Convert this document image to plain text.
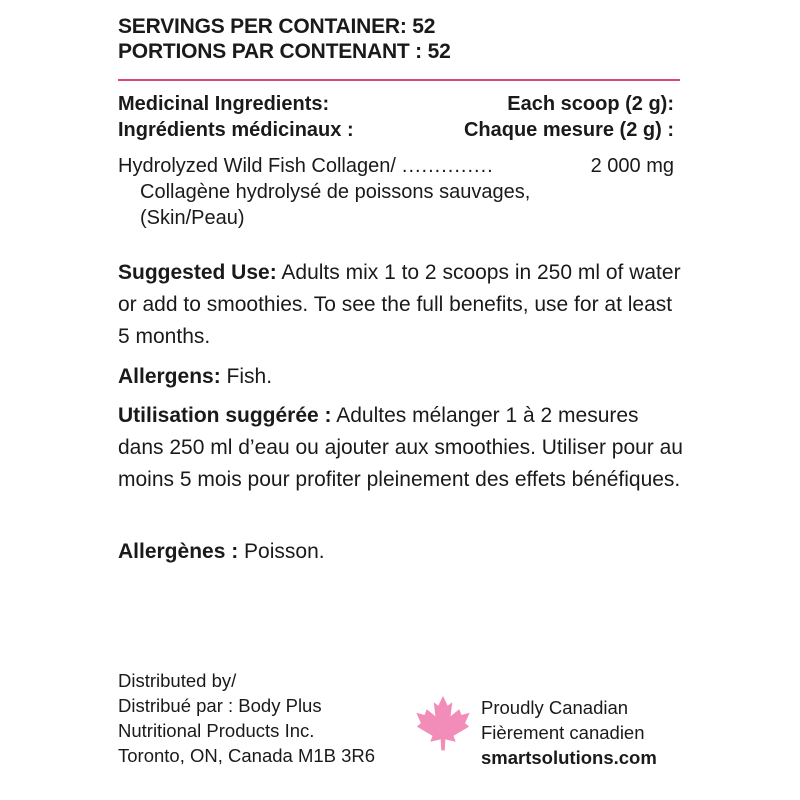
SERVINGS PER CONTAINER: 52
PORTIONS PAR CONTENANT : 52
Medicinal Ingredients:	Each scoop (2 g):
Ingrédients médicinaux :	Chaque mesure (2 g) :
Hydrolyzed Wild Fish Collagen/ ..............	2 000 mg
Collagène hydrolysé de poissons sauvages,
(Skin/Peau)
Suggested Use: Adults mix 1 to 2 scoops in 250 ml of water or add to smoothies. To see the full benefits, use for at least 5 months.
Allergens: Fish.
Utilisation suggérée : Adultes mélanger 1 à 2 mesures dans 250 ml d’eau ou ajouter aux smoothies. Utiliser pour au moins 5 mois pour profiter pleinement des effets bénéfiques.
Allergènes : Poisson.
Distributed by/
Distribué par : Body Plus
Nutritional Products Inc.
Toronto, ON, Canada M1B 3R6
Proudly Canadian
Fièrement canadien
smartsolutions.com
